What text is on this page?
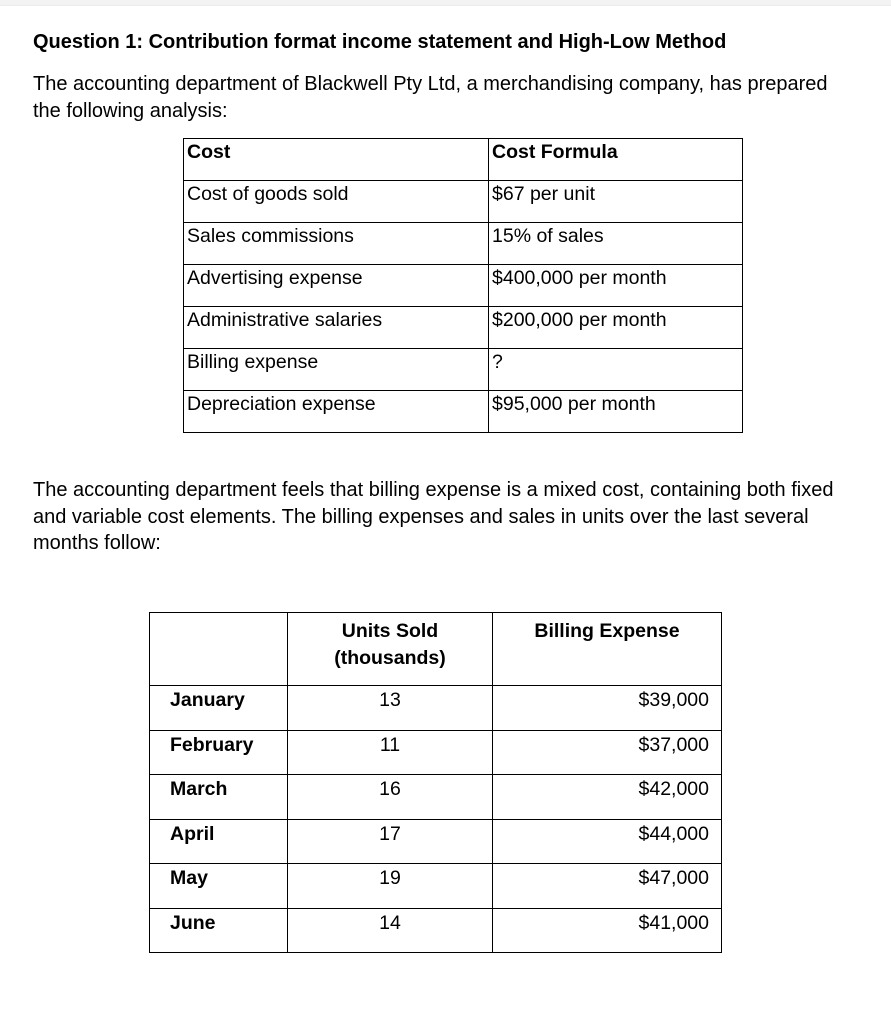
Question 1: Contribution format income statement and High-Low Method
The accounting department of Blackwell Pty Ltd, a merchandising company, has prepared the following analysis:
Cost	Cost Formula
Cost of goods sold	$67 per unit
Sales commissions	15% of sales
Advertising expense	$400,000 per month
Administrative salaries	$200,000 per month
Billing expense	?
Depreciation expense	$95,000 per month
The accounting department feels that billing expense is a mixed cost, containing both fixed and variable cost elements. The billing expenses and sales in units over the last several months follow:
	Units Sold (thousands)	Billing Expense
January	13	$39,000
February	11	$37,000
March	16	$42,000
April	17	$44,000
May	19	$47,000
June	14	$41,000
